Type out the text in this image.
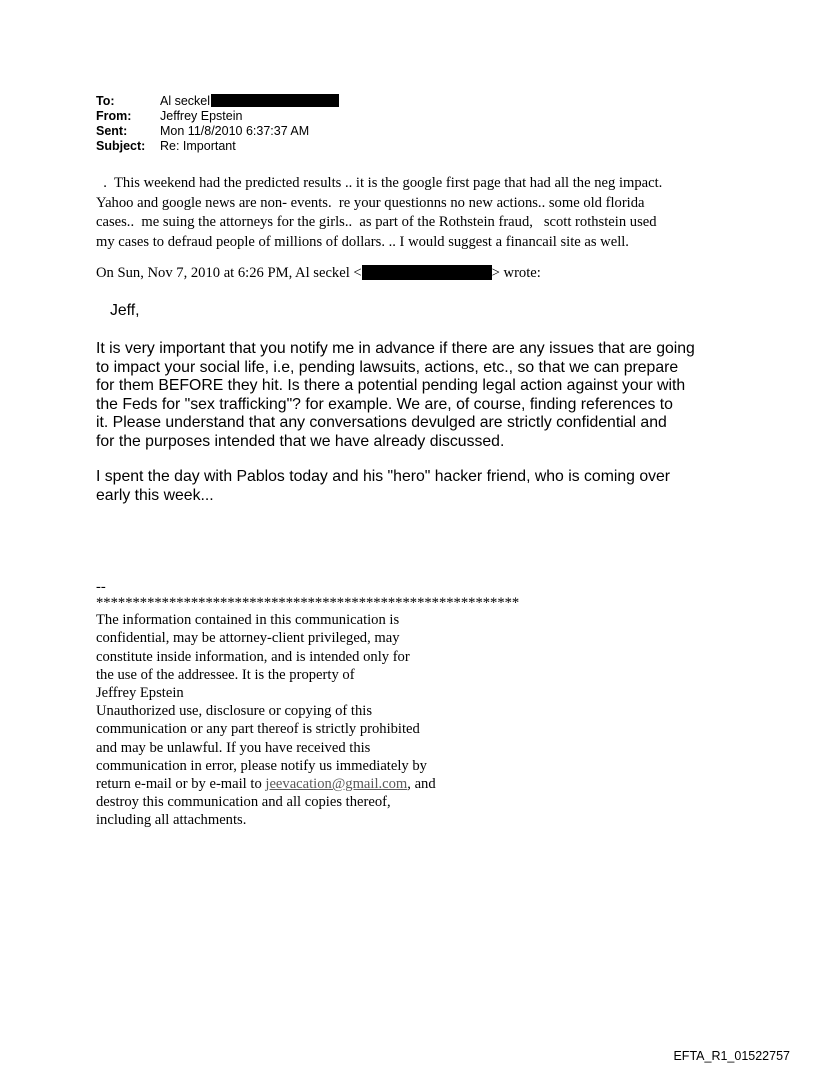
To:	Al seckel
From:	Jeffrey Epstein
Sent:	Mon 11/8/2010 6:37:37 AM
Subject:	Re: Important
.  This weekend had the predicted results .. it is the google first page that had all the neg impact.
Yahoo and google news are non- events.  re your questionns no new actions.. some old florida
cases..  me suing the attorneys for the girls..  as part of the Rothstein fraud,   scott rothstein used
my cases to defraud people of millions of dollars. .. I would suggest a financail site as well.
On Sun, Nov 7, 2010 at 6:26 PM, Al seckel <	> wrote:
Jeff,
It is very important that you notify me in advance if there are any issues that are going
to impact your social life, i.e, pending lawsuits, actions, etc., so that we can prepare
for them BEFORE they hit. Is there a potential pending legal action against your with
the Feds for "sex trafficking"? for example. We are, of course, finding references to
it. Please understand that any conversations devulged are strictly confidential and
for the purposes intended that we have already discussed.
I spent the day with Pablos today and his "hero" hacker friend, who is coming over
early this week...
--
**********************************************************
The information contained in this communication is
confidential, may be attorney-client privileged, may
constitute inside information, and is intended only for
the use of the addressee. It is the property of
Jeffrey Epstein
Unauthorized use, disclosure or copying of this
communication or any part thereof is strictly prohibited
and may be unlawful. If you have received this
communication in error, please notify us immediately by
return e-mail or by e-mail to jeevacation@gmail.com, and
destroy this communication and all copies thereof,
including all attachments.
EFTA_R1_01522757
